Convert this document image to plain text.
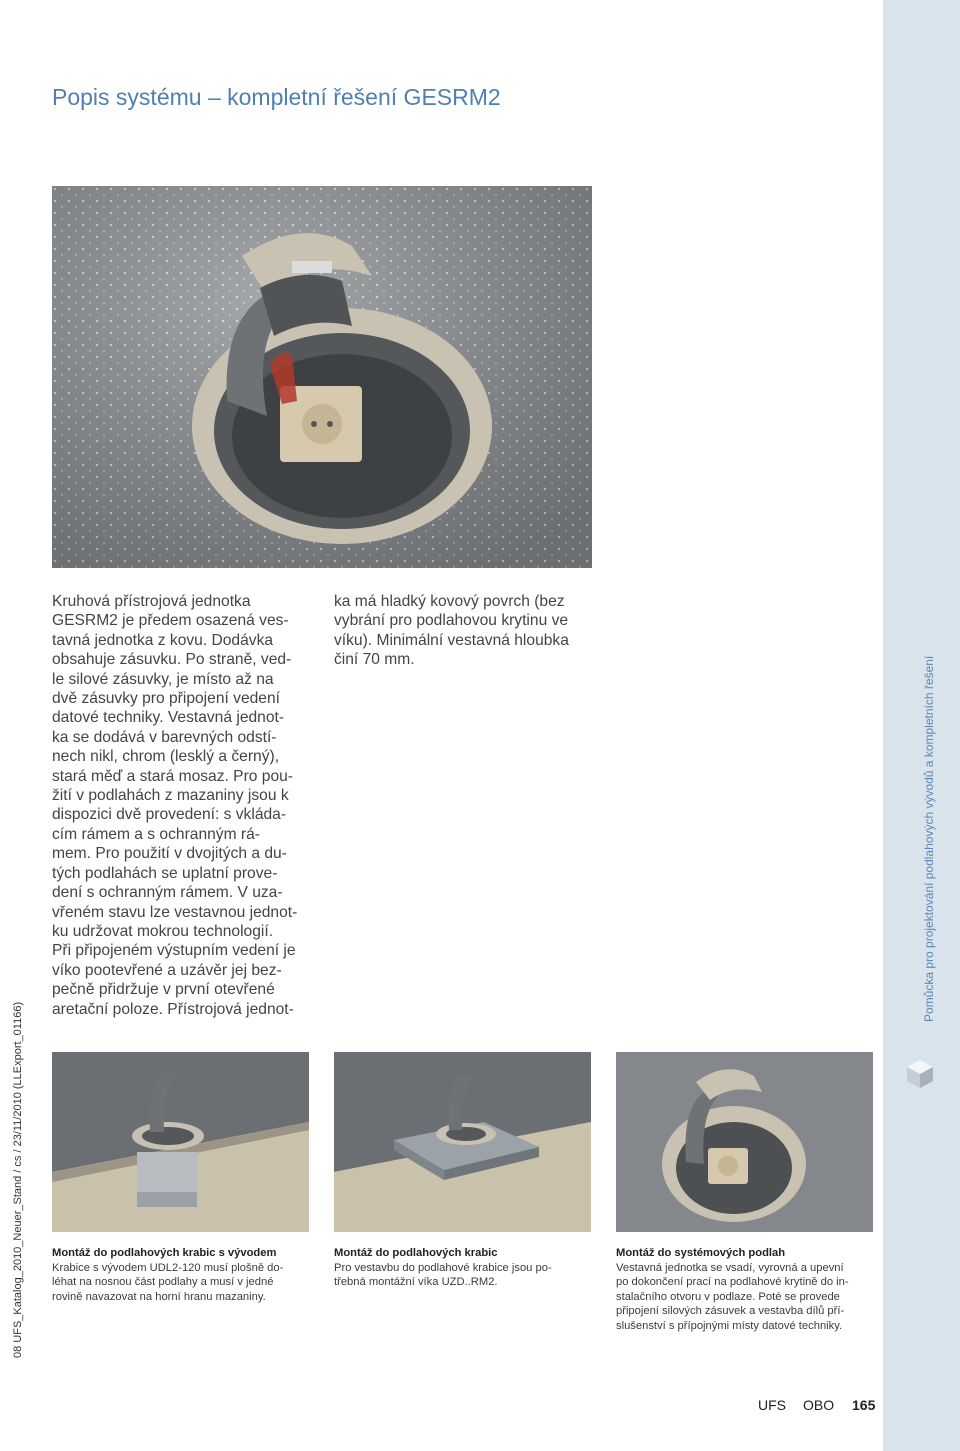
Pomůcka pro projektování podlahových vývodů a kompletních řešení
08 UFS_Katalog_2010_Neuer_Stand / cs / 23/11/2010 (LLExport_01166)
Popis systému – kompletní řešení GESRM2
Kruhová přístrojová jednotka
GESRM2 je předem osazená ves-
tavná jednotka z kovu. Dodávka
obsahuje zásuvku. Po straně, ved-
le silové zásuvky, je místo až na
dvě zásuvky pro připojení vedení
datové techniky. Vestavná jednot-
ka se dodává v barevných odstí-
nech nikl, chrom (lesklý a černý),
stará měď a stará mosaz. Pro pou-
žití v podlahách z mazaniny jsou k
dispozici dvě provedení: s vkláda-
cím rámem a s ochranným rá-
mem. Pro použití v dvojitých a du-
tých podlahách se uplatní prove-
dení s ochranným rámem. V uza-
vřeném stavu lze vestavnou jednot-
ku udržovat mokrou technologií.
Při připojeném výstupním vedení je
víko pootevřené a uzávěr jej bez-
pečně přidržuje v první otevřené
aretační poloze. Přístrojová jednot-
ka má hladký kovový povrch (bez
vybrání pro podlahovou krytinu ve
víku). Minimální vestavná hloubka
činí 70 mm.
Montáž do podlahových krabic s vývodem
Krabice s vývodem UDL2-120 musí plošně do-
léhat na nosnou část podlahy a musí v jedné
rovině navazovat na horní hranu mazaniny.
Montáž do podlahových krabic
Pro vestavbu do podlahové krabice jsou po-
třebná montážní víka UZD..RM2.
Montáž do systémových podlah
Vestavná jednotka se vsadí, vyrovná a upevní
po dokončení prací na podlahové krytině do in-
stalačního otvoru v podlaze. Poté se provede
připojení silových zásuvek a vestavba dílů pří-
slušenství s přípojnými místy datové techniky.
UFS OBO 165
